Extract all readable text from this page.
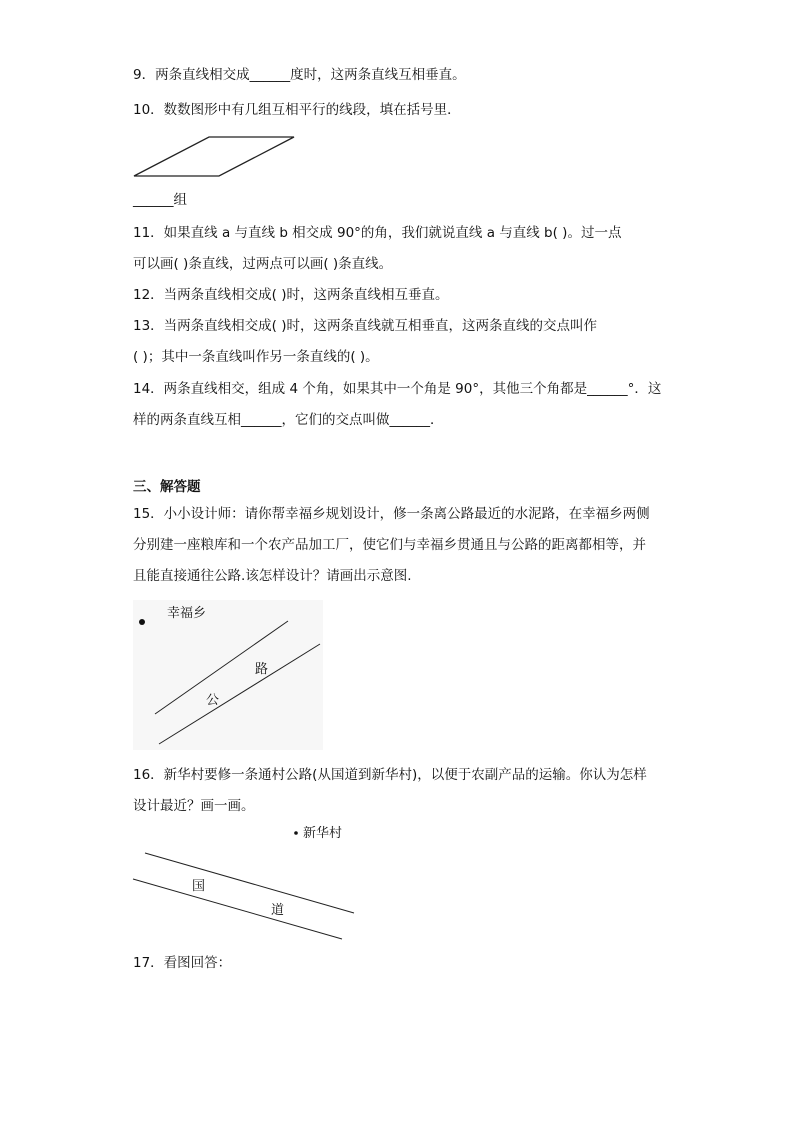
9．两条直线相交成______度时，这两条直线互相垂直。
10．数数图形中有几组互相平行的线段，填在括号里．
______组
11．如果直线 a 与直线 b 相交成 90°的角，我们就说直线 a 与直线 b( )。过一点
可以画( )条直线，过两点可以画( )条直线。
12．当两条直线相交成( )时，这两条直线相互垂直。
13．当两条直线相交成( )时，这两条直线就互相垂直，这两条直线的交点叫作
( )；其中一条直线叫作另一条直线的( )。
14．两条直线相交，组成 4 个角，如果其中一个角是 90°，其他三个角都是______°．这
样的两条直线互相______，它们的交点叫做______．
三、解答题
15．小小设计师：请你帮幸福乡规划设计，修一条离公路最近的水泥路，在幸福乡两侧
分别建一座粮库和一个农产品加工厂，使它们与幸福乡贯通且与公路的距离都相等，并
且能直接通往公路.该怎样设计？请画出示意图.
幸福乡
路
公
16．新华村要修一条通村公路(从国道到新华村)，以便于农副产品的运输。你认为怎样
设计最近？画一画。
新华村
国
道
17．看图回答：
